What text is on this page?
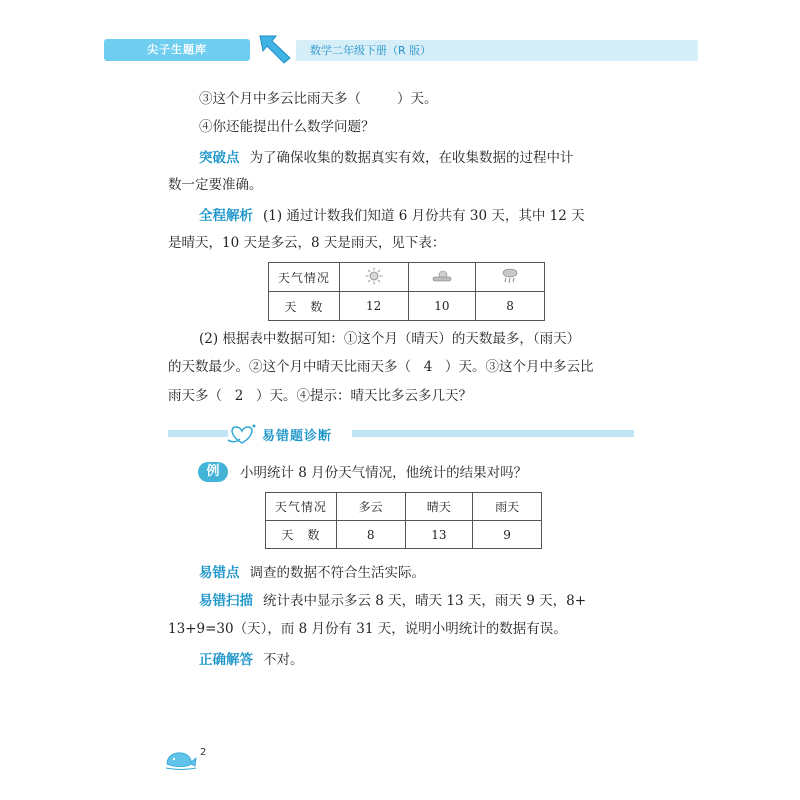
尖子生题库	数学二年级下册（R 版）
③这个月中多云比雨天多（	）天。
④你还能提出什么数学问题？
突破点 为了确保收集的数据真实有效，在收集数据的过程中计
数一定要准确。
全程解析 (1) 通过计数我们知道 6 月份共有 30 天，其中 12 天
是晴天，10 天是多云，8 天是雨天，见下表：
天气情况			
天　数	12	10	8
(2) 根据表中数据可知：①这个月（晴天）的天数最多，（雨天）
的天数最少。②这个月中晴天比雨天多（ 4 ）天。③这个月中多云比
雨天多（ 2 ）天。④提示：晴天比多云多几天？
易错题诊断
例	小明统计 8 月份天气情况，他统计的结果对吗？
天气情况	多云	晴天	雨天
天　数	8	13	9
易错点 调查的数据不符合生活实际。
易错扫描 统计表中显示多云 8 天，晴天 13 天，雨天 9 天，8+
13+9=30（天），而 8 月份有 31 天，说明小明统计的数据有误。
正确解答 不对。
2
